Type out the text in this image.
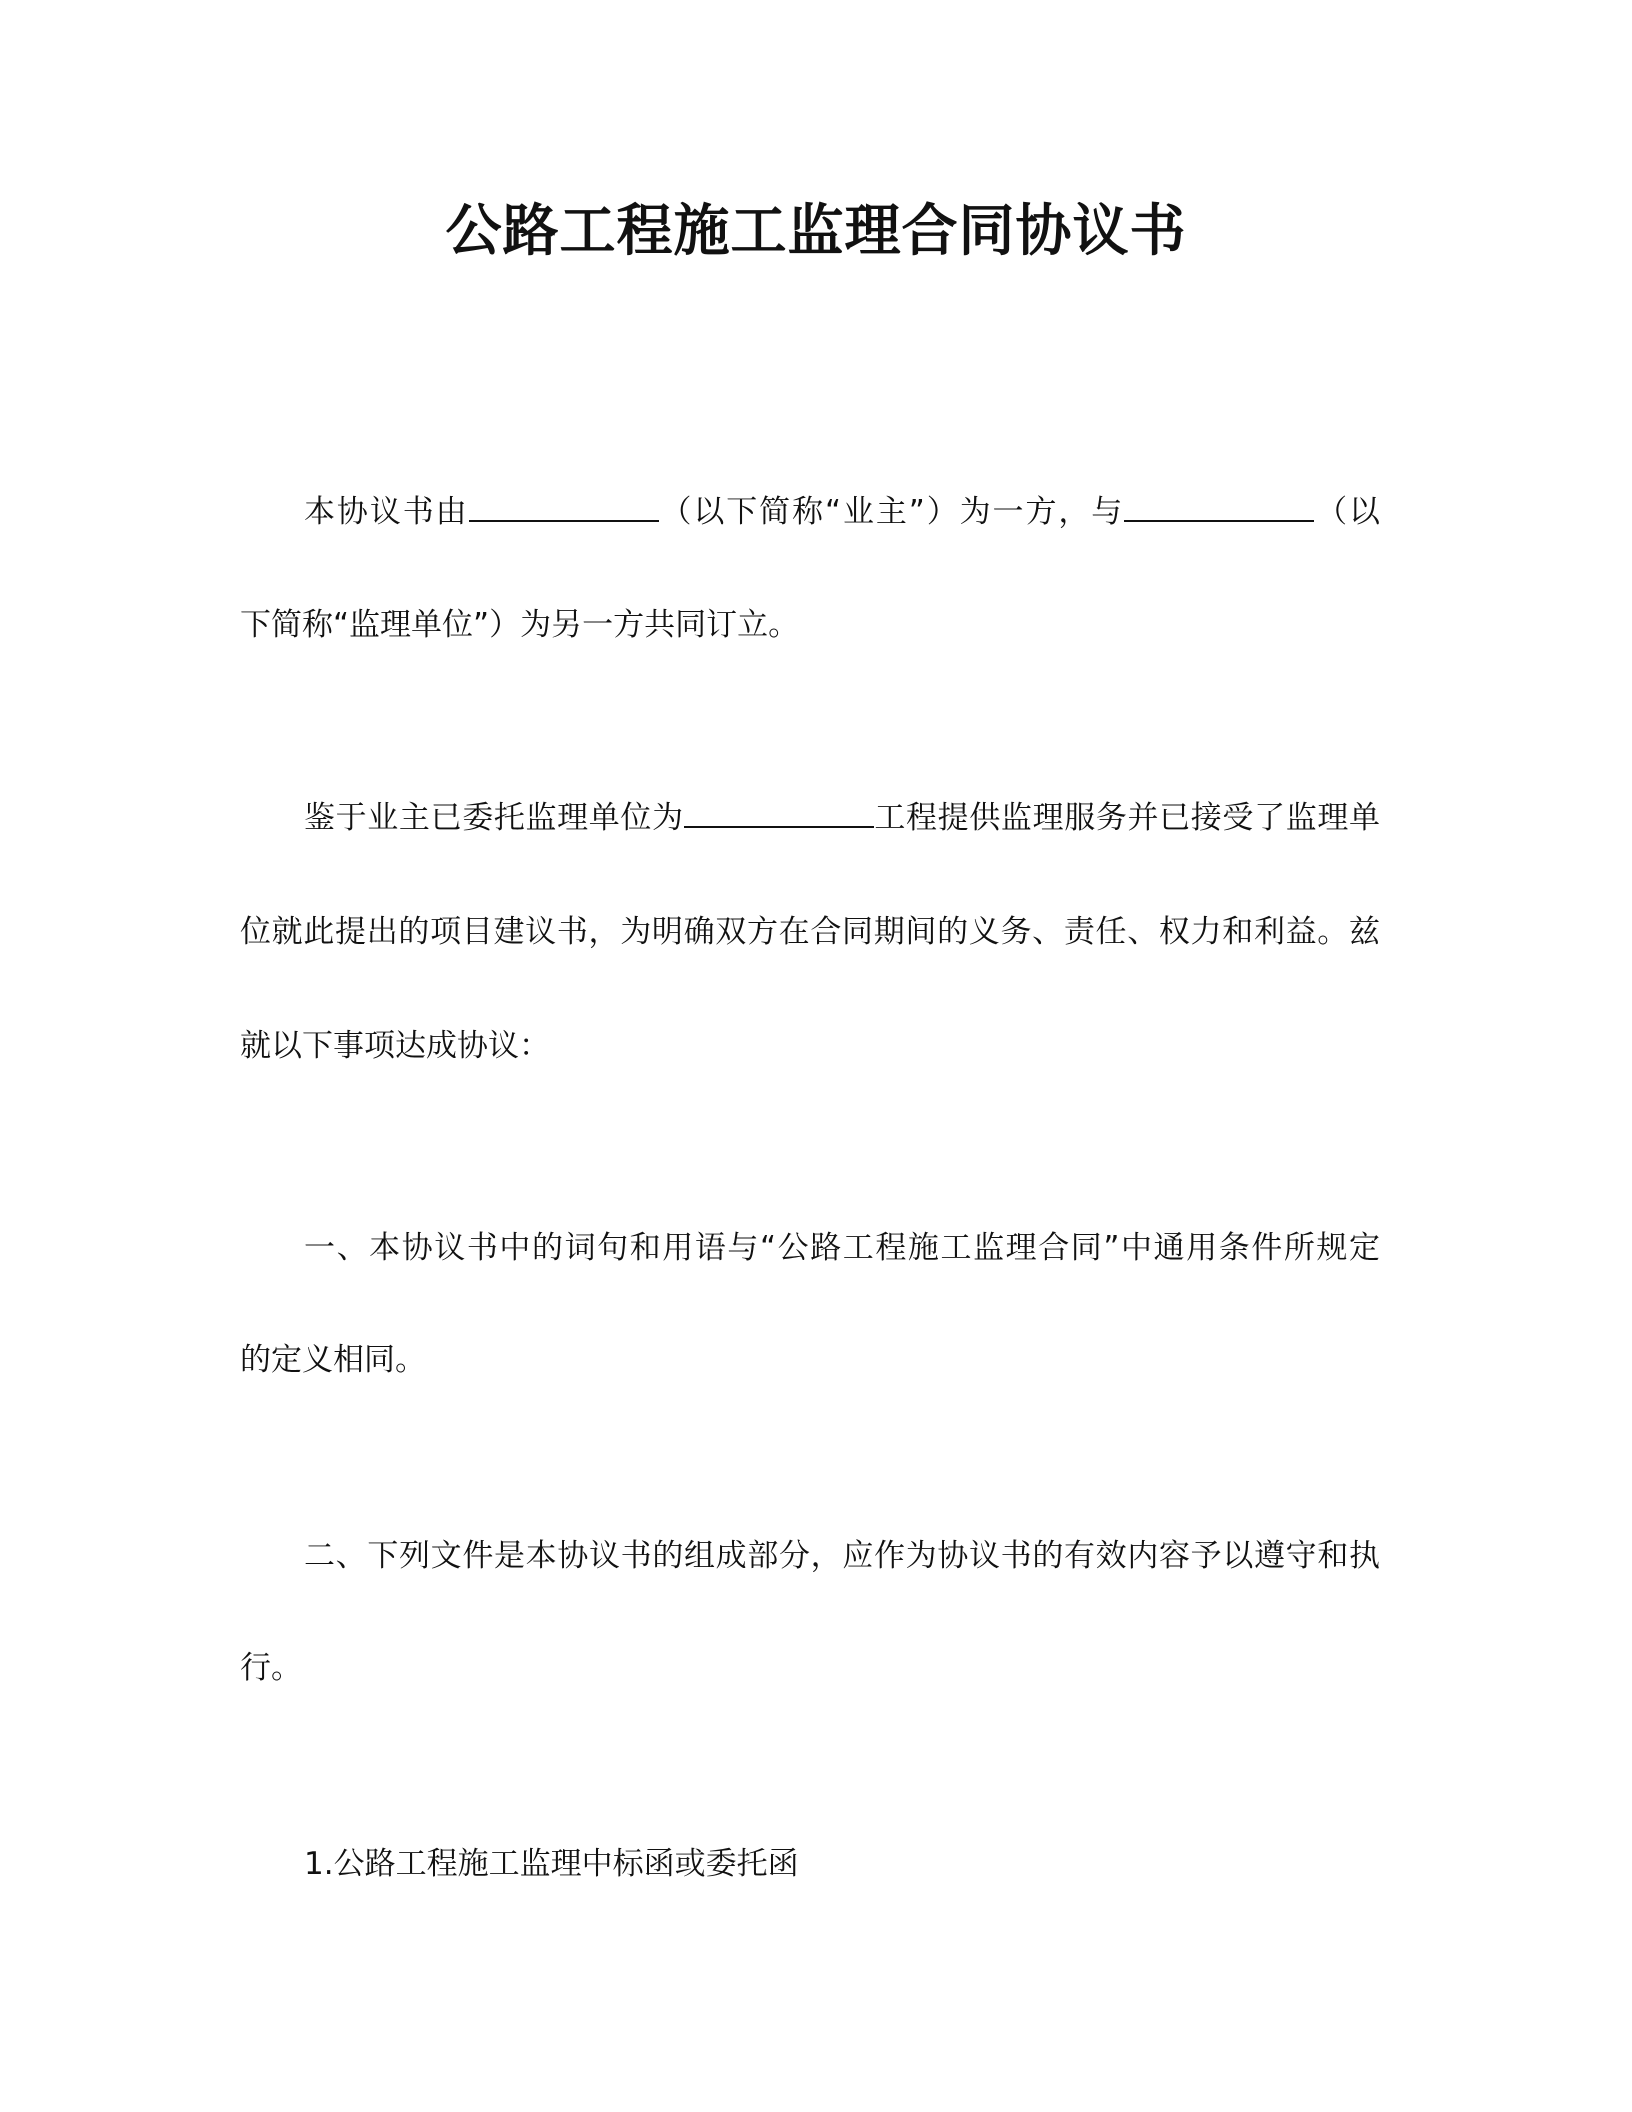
公路工程施工监理合同协议书
本协议书由	（以下简称“业主”）为一方，与	（以
下简称“监理单位”）为另一方共同订立。
鉴于业主已委托监理单位为	工程提供监理服务并已接受了监理单
位就此提出的项目建议书，为明确双方在合同期间的义务、责任、权力和利益。兹
就以下事项达成协议：
一、本协议书中的词句和用语与“公路工程施工监理合同”中通用条件所规定
的定义相同。
二、下列文件是本协议书的组成部分，应作为协议书的有效内容予以遵守和执
行。
1.公路工程施工监理中标函或委托函
